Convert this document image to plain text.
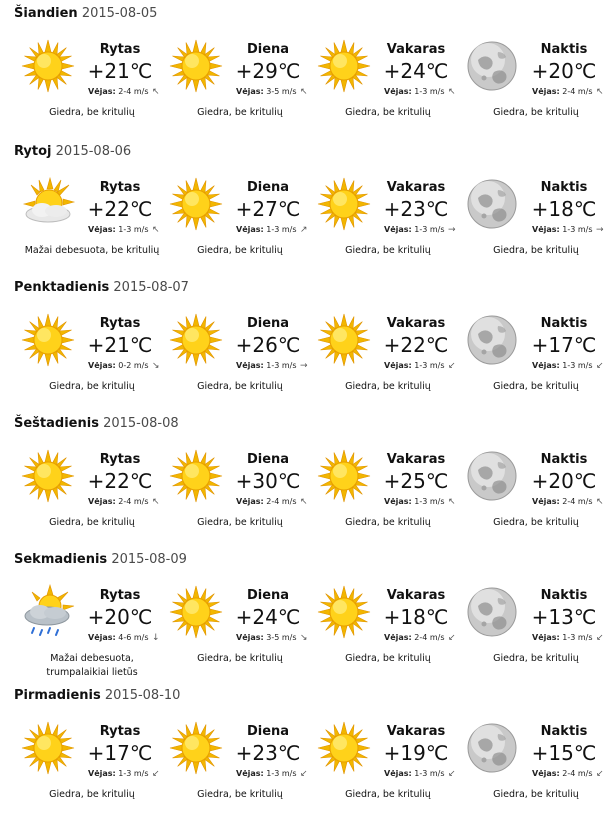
Šiandien 2015-08-05
Rytas
+21℃
Vėjas: 2-4 m/s ↖
Giedra, be kritulių
Diena
+29℃
Vėjas: 3-5 m/s ↖
Giedra, be kritulių
Vakaras
+24℃
Vėjas: 1-3 m/s ↖
Giedra, be kritulių
Naktis
+20℃
Vėjas: 2-4 m/s ↖
Giedra, be kritulių
Rytoj 2015-08-06
Rytas
+22℃
Vėjas: 1-3 m/s ↖
Mažai debesuota, be kritulių
Diena
+27℃
Vėjas: 1-3 m/s ↗
Giedra, be kritulių
Vakaras
+23℃
Vėjas: 1-3 m/s →
Giedra, be kritulių
Naktis
+18℃
Vėjas: 1-3 m/s →
Giedra, be kritulių
Penktadienis 2015-08-07
Rytas
+21℃
Vėjas: 0-2 m/s ↘
Giedra, be kritulių
Diena
+26℃
Vėjas: 1-3 m/s →
Giedra, be kritulių
Vakaras
+22℃
Vėjas: 1-3 m/s ↙
Giedra, be kritulių
Naktis
+17℃
Vėjas: 1-3 m/s ↙
Giedra, be kritulių
Šeštadienis 2015-08-08
Rytas
+22℃
Vėjas: 2-4 m/s ↖
Giedra, be kritulių
Diena
+30℃
Vėjas: 2-4 m/s ↖
Giedra, be kritulių
Vakaras
+25℃
Vėjas: 1-3 m/s ↖
Giedra, be kritulių
Naktis
+20℃
Vėjas: 2-4 m/s ↖
Giedra, be kritulių
Sekmadienis 2015-08-09
Rytas
+20℃
Vėjas: 4-6 m/s ↓
Mažai debesuota, trumpalaikiai lietūs
Diena
+24℃
Vėjas: 3-5 m/s ↘
Giedra, be kritulių
Vakaras
+18℃
Vėjas: 2-4 m/s ↙
Giedra, be kritulių
Naktis
+13℃
Vėjas: 1-3 m/s ↙
Giedra, be kritulių
Pirmadienis 2015-08-10
Rytas
+17℃
Vėjas: 1-3 m/s ↙
Giedra, be kritulių
Diena
+23℃
Vėjas: 1-3 m/s ↙
Giedra, be kritulių
Vakaras
+19℃
Vėjas: 1-3 m/s ↙
Giedra, be kritulių
Naktis
+15℃
Vėjas: 2-4 m/s ↙
Giedra, be kritulių
